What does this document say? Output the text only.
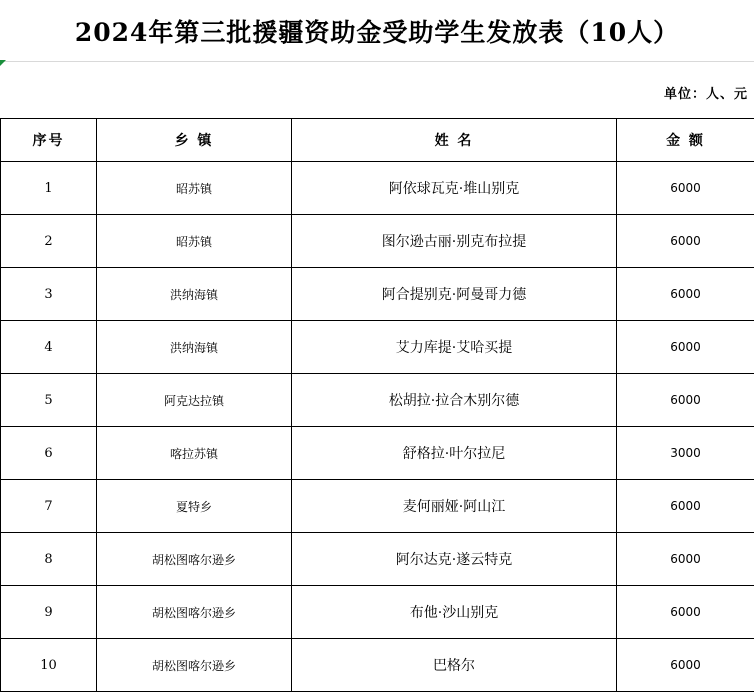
2024年第三批援疆资助金受助学生发放表（10人）
单位：人、元
序号	乡 镇	姓 名	金 额
1	昭苏镇	阿依球瓦克·堆山别克	6000
2	昭苏镇	图尔逊古丽·别克布拉提	6000
3	洪纳海镇	阿合提别克·阿曼哥力德	6000
4	洪纳海镇	艾力库提·艾哈买提	6000
5	阿克达拉镇	松胡拉·拉合木别尔德	6000
6	喀拉苏镇	舒格拉·叶尔拉尼	3000
7	夏特乡	麦何丽娅·阿山江	6000
8	胡松图喀尔逊乡	阿尔达克·遂云特克	6000
9	胡松图喀尔逊乡	布他·沙山别克	6000
10	胡松图喀尔逊乡	巴格尔	6000
